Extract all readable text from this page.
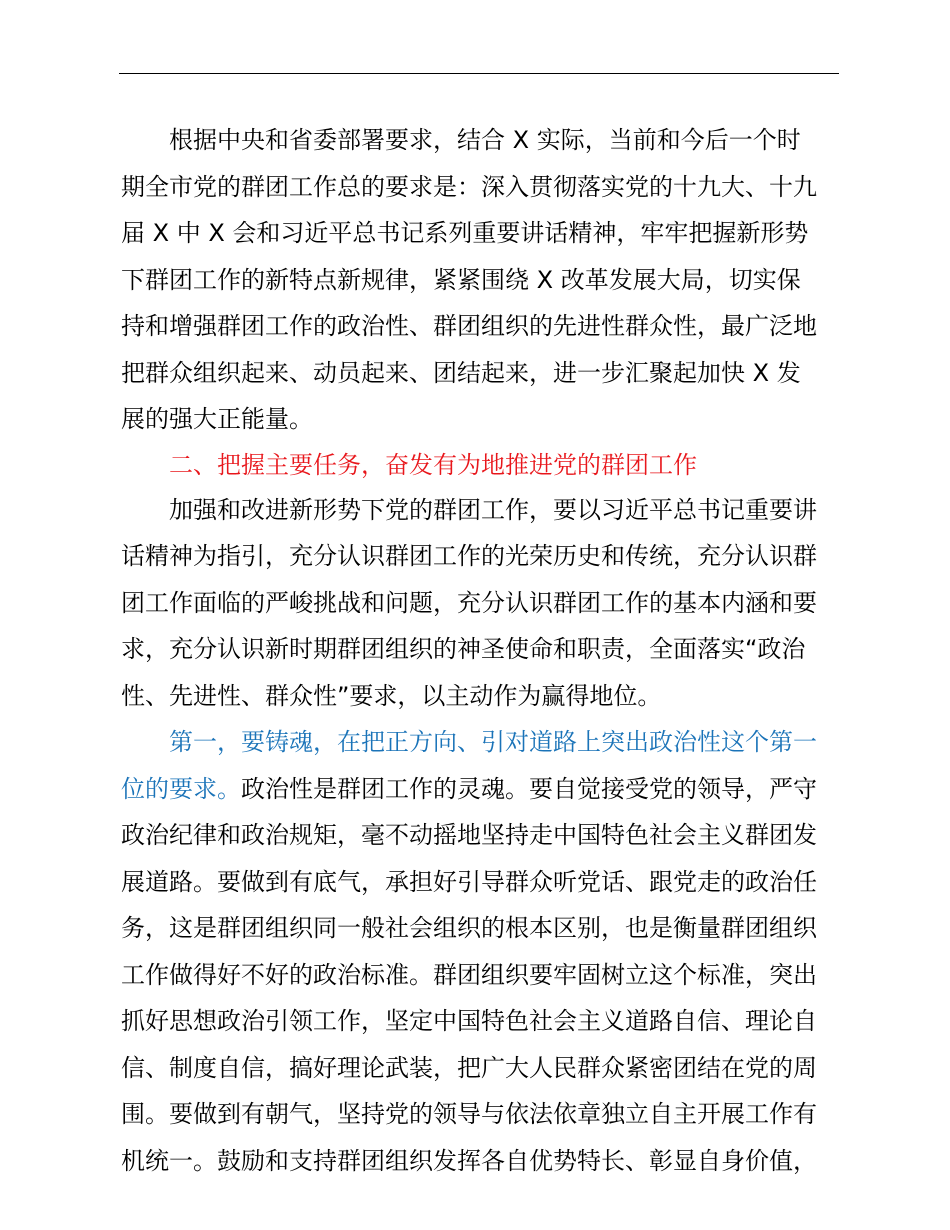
根据中央和省委部署要求，结合 X 实际，当前和今后一个时
期全市党的群团工作总的要求是：深入贯彻落实党的十九大、十九
届 X 中 X 会和习近平总书记系列重要讲话精神，牢牢把握新形势
下群团工作的新特点新规律，紧紧围绕 X 改革发展大局，切实保
持和增强群团工作的政治性、群团组织的先进性群众性，最广泛地
把群众组织起来、动员起来、团结起来，进一步汇聚起加快 X 发
展的强大正能量。
二、把握主要任务，奋发有为地推进党的群团工作
加强和改进新形势下党的群团工作，要以习近平总书记重要讲
话精神为指引，充分认识群团工作的光荣历史和传统，充分认识群
团工作面临的严峻挑战和问题，充分认识群团工作的基本内涵和要
求，充分认识新时期群团组织的神圣使命和职责，全面落实“政治
性、先进性、群众性”要求，以主动作为赢得地位。
第一，要铸魂，在把正方向、引对道路上突出政治性这个第一
位的要求。政治性是群团工作的灵魂。要自觉接受党的领导，严守
政治纪律和政治规矩，毫不动摇地坚持走中国特色社会主义群团发
展道路。要做到有底气，承担好引导群众听党话、跟党走的政治任
务，这是群团组织同一般社会组织的根本区别，也是衡量群团组织
工作做得好不好的政治标准。群团组织要牢固树立这个标准，突出
抓好思想政治引领工作，坚定中国特色社会主义道路自信、理论自
信、制度自信，搞好理论武装，把广大人民群众紧密团结在党的周
围。要做到有朝气，坚持党的领导与依法依章独立自主开展工作有
机统一。鼓励和支持群团组织发挥各自优势特长、彰显自身价值，
